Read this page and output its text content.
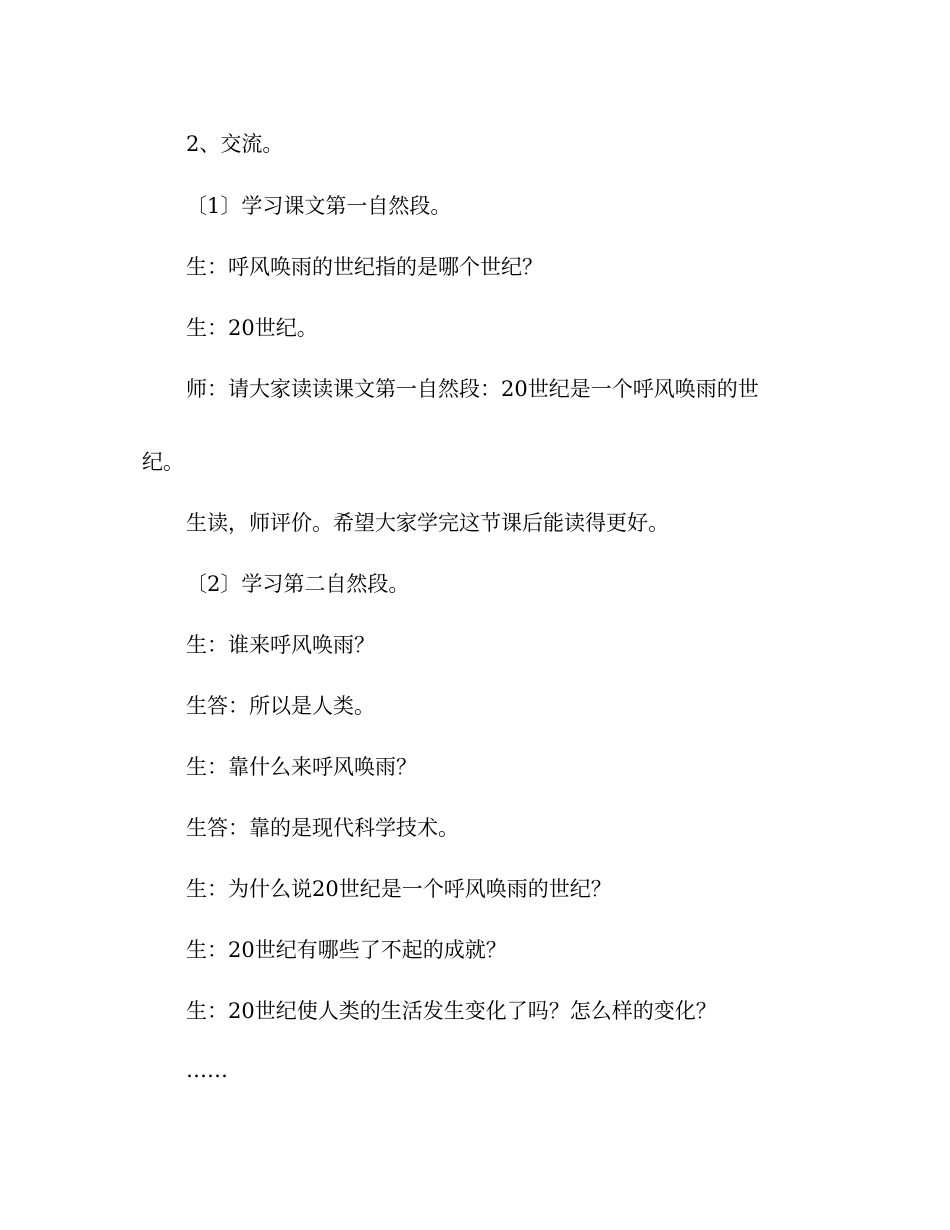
2、交流。
〔1〕学习课文第一自然段。
生：呼风唤雨的世纪指的是哪个世纪？
生：20世纪。
师：请大家读读课文第一自然段：20世纪是一个呼风唤雨的世
纪。
生读，师评价。希望大家学完这节课后能读得更好。
〔2〕学习第二自然段。
生：谁来呼风唤雨？
生答：所以是人类。
生：靠什么来呼风唤雨？
生答：靠的是现代科学技术。
生：为什么说20世纪是一个呼风唤雨的世纪？
生：20世纪有哪些了不起的成就？
生：20世纪使人类的生活发生变化了吗？怎么样的变化？
……
